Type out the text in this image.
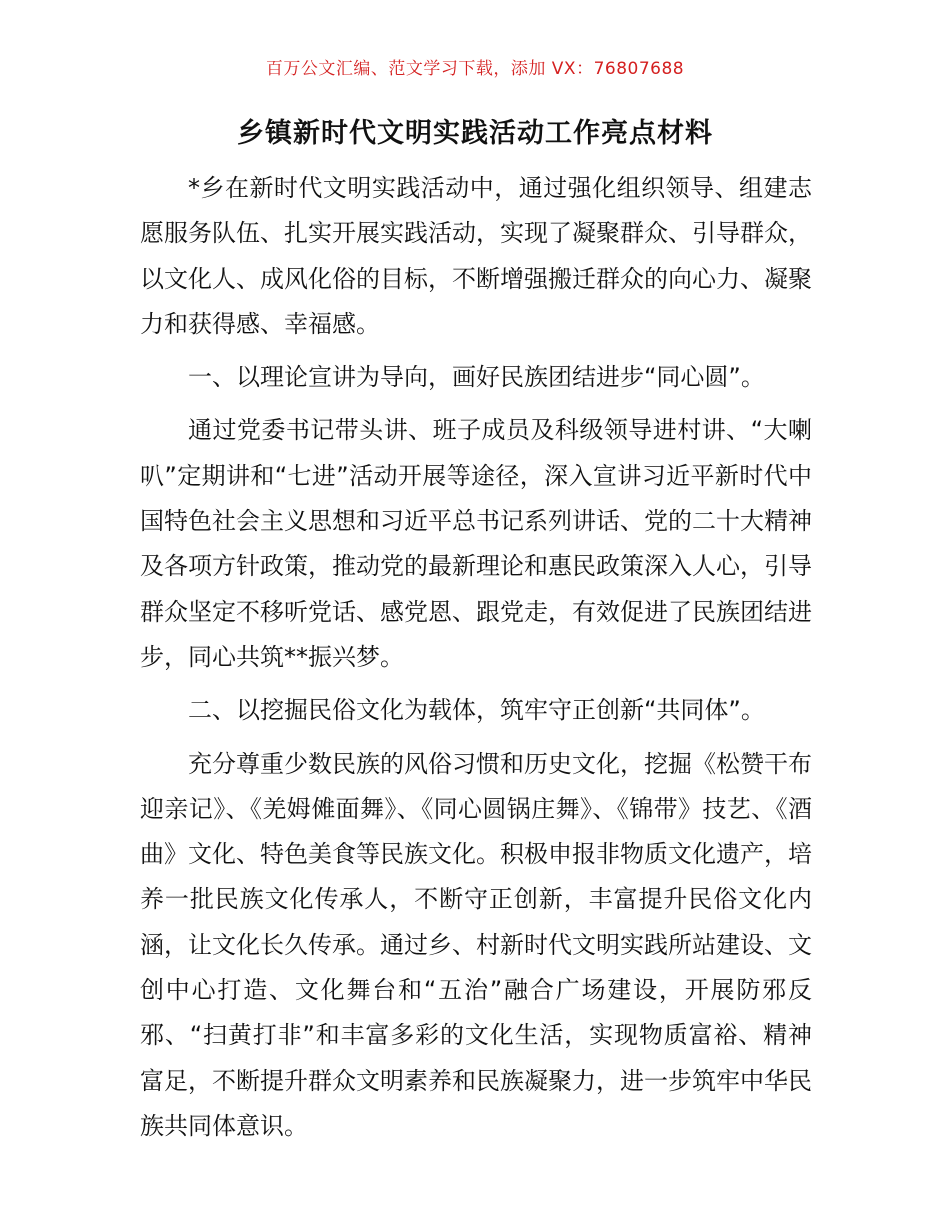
百万公文汇编、范文学习下载，添加 VX：76807688
乡镇新时代文明实践活动工作亮点材料

*乡在新时代文明实践活动中，通过强化组织领导、组建志愿服务队伍、扎实开展实践活动，实现了凝聚群众、引导群众，以文化人、成风化俗的目标，不断增强搬迁群众的向心力、凝聚力和获得感、幸福感。

一、以理论宣讲为导向，画好民族团结进步“同心圆”。

通过党委书记带头讲、班子成员及科级领导进村讲、“大喇叭”定期讲和“七进”活动开展等途径，深入宣讲习近平新时代中国特色社会主义思想和习近平总书记系列讲话、党的二十大精神及各项方针政策，推动党的最新理论和惠民政策深入人心，引导群众坚定不移听党话、感党恩、跟党走，有效促进了民族团结进步，同心共筑**振兴梦。

二、以挖掘民俗文化为载体，筑牢守正创新“共同体”。

充分尊重少数民族的风俗习惯和历史文化，挖掘《松赞干布迎亲记》、《羌姆傩面舞》、《同心圆锅庄舞》、《锦带》技艺、《酒曲》文化、特色美食等民族文化。积极申报非物质文化遗产，培养一批民族文化传承人，不断守正创新，丰富提升民俗文化内涵，让文化长久传承。通过乡、村新时代文明实践所站建设、文创中心打造、文化舞台和“五治”融合广场建设，开展防邪反邪、“扫黄打非”和丰富多彩的文化生活，实现物质富裕、精神富足，不断提升群众文明素养和民族凝聚力，进一步筑牢中华民族共同体意识。
